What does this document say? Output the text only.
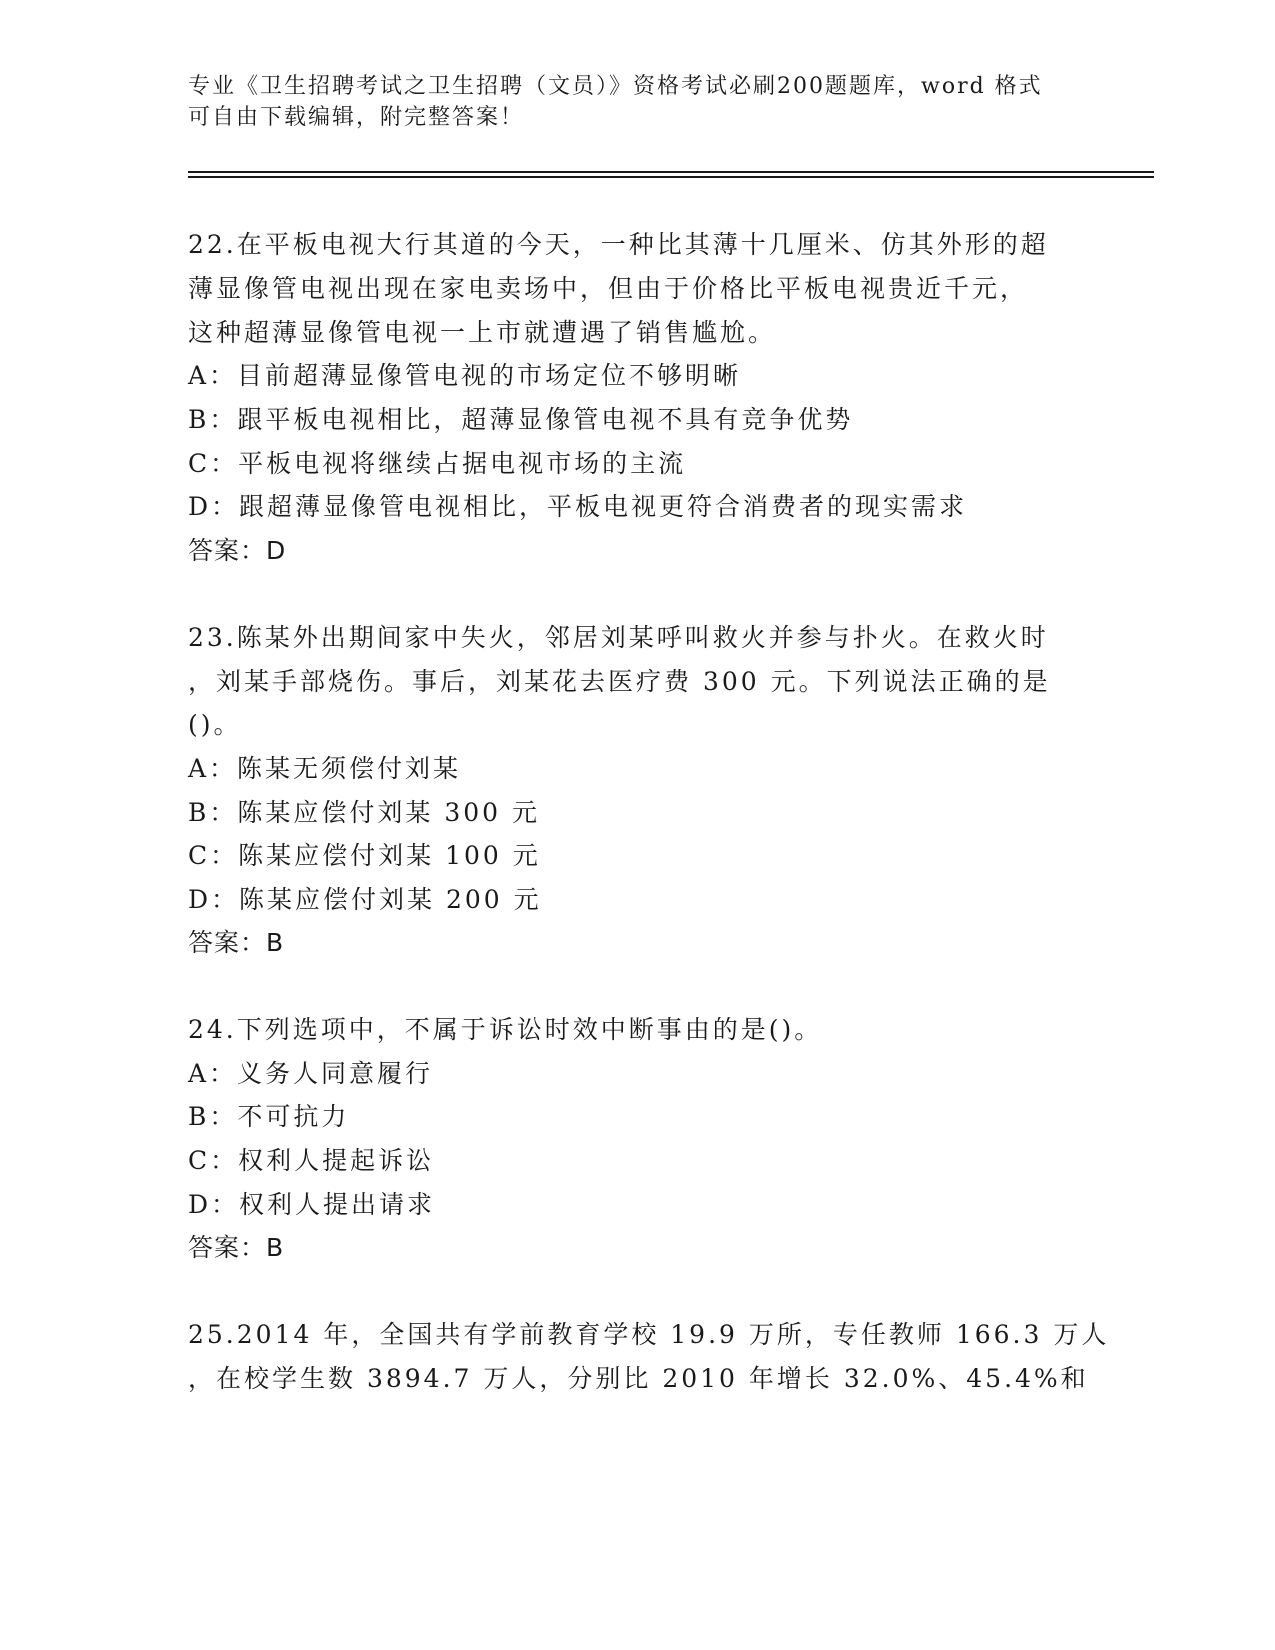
专业《卫生招聘考试之卫生招聘（文员）》资格考试必刷200题题库，word 格式
可自由下载编辑，附完整答案！
22.在平板电视大行其道的今天，一种比其薄十几厘米、仿其外形的超
薄显像管电视出现在家电卖场中，但由于价格比平板电视贵近千元，
这种超薄显像管电视一上市就遭遇了销售尴尬。
A：目前超薄显像管电视的市场定位不够明晰
B：跟平板电视相比，超薄显像管电视不具有竞争优势
C：平板电视将继续占据电视市场的主流
D：跟超薄显像管电视相比，平板电视更符合消费者的现实需求
答案：D
23.陈某外出期间家中失火，邻居刘某呼叫救火并参与扑火。在救火时
，刘某手部烧伤。事后，刘某花去医疗费 300 元。下列说法正确的是
()。
A：陈某无须偿付刘某
B：陈某应偿付刘某 300 元
C：陈某应偿付刘某 100 元
D：陈某应偿付刘某 200 元
答案：B
24.下列选项中，不属于诉讼时效中断事由的是()。
A：义务人同意履行
B：不可抗力
C：权利人提起诉讼
D：权利人提出请求
答案：B
25.2014 年，全国共有学前教育学校 19.9 万所，专任教师 166.3 万人
，在校学生数 3894.7 万人，分别比 2010 年增长 32.0%、45.4%和
